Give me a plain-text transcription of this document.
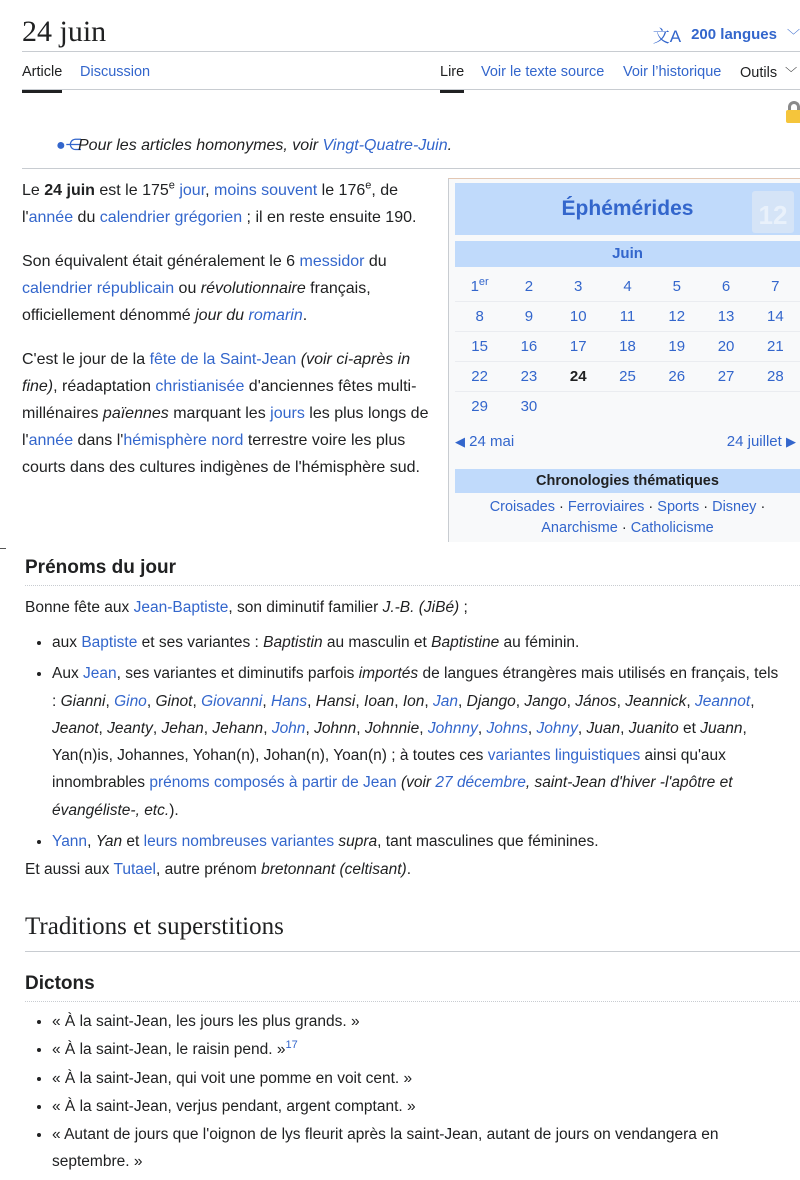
24 juin	文A 200 langues ﹀
Article Discussion	Lire Voir le texte source Voir l’historique Outils ﹀
●⋲Pour les articles homonymes, voir Vingt-Quatre-Juin.

Le 24 juin est le 175e jour, moins souvent le 176e, de l'année du calendrier grégorien ; il en reste ensuite 190.

Son équivalent était généralement le 6 messidor du calendrier républicain ou révolutionnaire français, officiellement dénommé jour du romarin.

C'est le jour de la fête de la Saint-Jean (voir ci-après in fine), réadaptation christianisée d'anciennes fêtes multi-millénaires païennes marquant les jours les plus longs de l'année dans l'hémisphère nord terrestre voire les plus courts dans des cultures indigènes de l'hémisphère sud.

Éphémérides	12
Juin
1er	2	3	4	5	6	7
8	9	10	11	12	13	14
15	16	17	18	19	20	21
22	23	24	25	26	27	28
29	30
◀ 24 mai	24 juillet ▶
Chronologies thématiques
Croisades · Ferroviaires · Sports · Disney ·
Anarchisme · Catholicisme
Prénoms du jour
Bonne fête aux Jean-Baptiste, son diminutif familier J.-B. (JiBé) ;
• aux Baptiste et ses variantes : Baptistin au masculin et Baptistine au féminin.
• Aux Jean, ses variantes et diminutifs parfois importés de langues étrangères mais utilisés en français, tels : Gianni, Gino, Ginot, Giovanni, Hans, Hansi, Ioan, Ion, Jan, Django, Jango, János, Jeannick, Jeannot, Jeanot, Jeanty, Jehan, Jehann, John, Johnn, Johnnie, Johnny, Johns, Johny, Juan, Juanito et Juann, Yan(n)is, Johannes, Yohan(n), Johan(n), Yoan(n) ; à toutes ces variantes linguistiques ainsi qu'aux innombrables prénoms composés à partir de Jean (voir 27 décembre, saint-Jean d'hiver -l'apôtre et évangéliste-, etc.).
• Yann, Yan et leurs nombreuses variantes supra, tant masculines que féminines.
Et aussi aux Tutael, autre prénom bretonnant (celtisant).
Traditions et superstitions
Dictons
• « À la saint-Jean, les jours les plus grands. »
• « À la saint-Jean, le raisin pend. »$^{17}$
• « À la saint-Jean, qui voit une pomme en voit cent. »
• « À la saint-Jean, verjus pendant, argent comptant. »
• « Autant de jours que l'oignon de lys fleurit après la saint-Jean, autant de jours on vendangera en septembre. »
